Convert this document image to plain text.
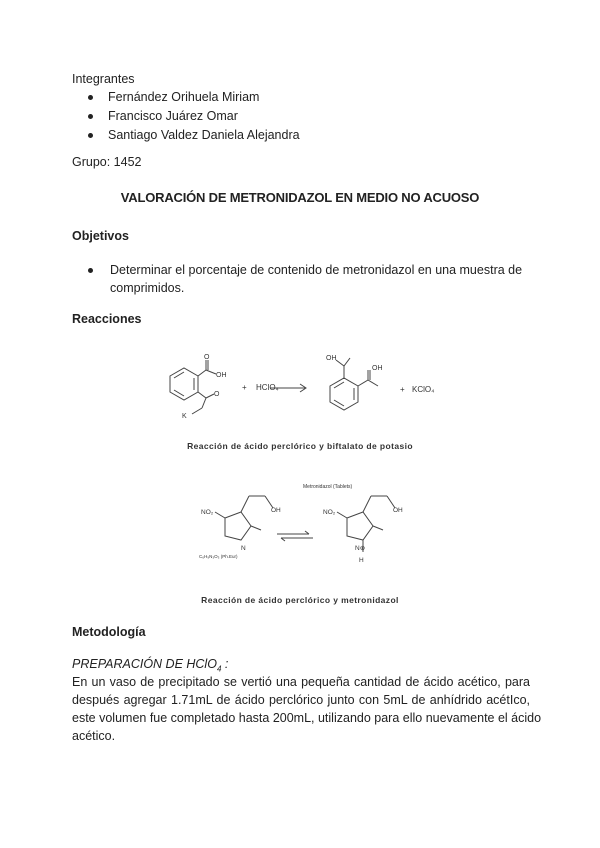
Integrantes
Fernández Orihuela Miriam
Francisco Juárez Omar
Santiago Valdez Daniela Alejandra
Grupo: 1452
VALORACIÓN DE METRONIDAZOL EN MEDIO NO ACUOSO
Objetivos
Determinar el porcentaje de contenido de metronidazol en una muestra de
comprimidos.
Reacciones
O
OH
O
K
+ HClO₄
OH
OH
+ KClO₄
Reacción de ácido perclórico y biftalato de potasio
Metronidazol (Tablets)
NO₂	OH
N
NO₂	OH
N⊕
H
C₆H₉N₃O₃ (Ph.Eur)
Reacción de ácido perclórico y metronidazol
Metodología
PREPARACIÓN DE HClO$_4$ :
En un vaso de precipitado se vertió una pequeña cantidad de ácido acético, para
después agregar 1.71mL de ácido perclórico junto con 5mL de anhídrido acétIco,
este volumen fue completado hasta 200mL, utilizando para ello nuevamente el ácido
acético.
